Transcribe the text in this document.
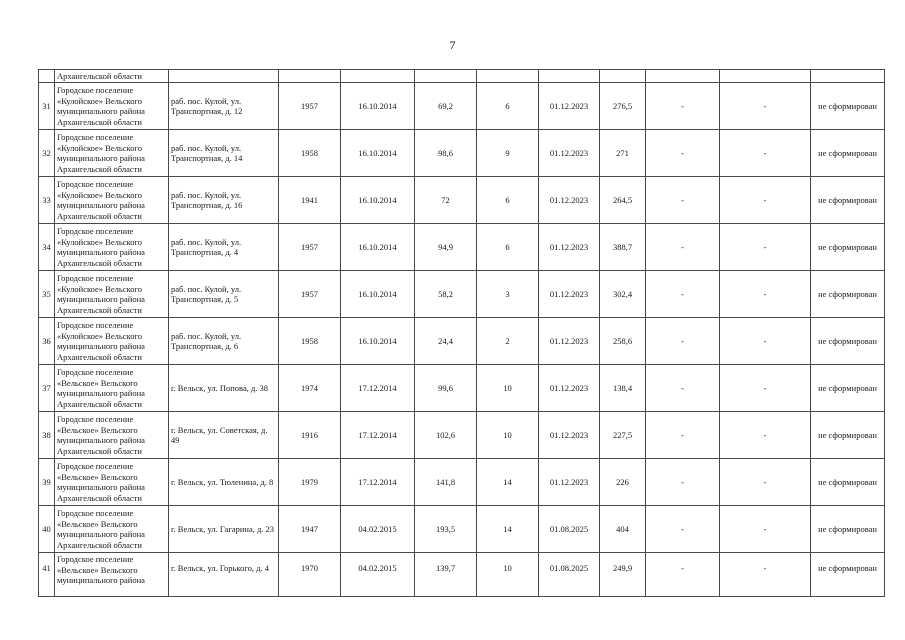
7
	Архангельской области										
31	Городское поселение
«Кулойское» Вельского
муниципального района
Архангельской области	раб. пос. Кулой, ул. Транспортная, д. 12	1957	16.10.2014	69,2	6	01.12.2023	276,5	-	-	не сформирован
32	Городское поселение
«Кулойское» Вельского
муниципального района
Архангельской области	раб. пос. Кулой, ул. Транспортная, д. 14	1958	16.10.2014	98,6	9	01.12.2023	271	-	-	не сформирован
33	Городское поселение
«Кулойское» Вельского
муниципального района
Архангельской области	раб. пос. Кулой, ул. Транспортная, д. 16	1941	16.10.2014	72	6	01.12.2023	264,5	-	-	не сформирован
34	Городское поселение
«Кулойское» Вельского
муниципального района
Архангельской области	раб. пос. Кулой, ул. Транспортная, д. 4	1957	16.10.2014	94,9	6	01.12.2023	388,7	-	-	не сформирован
35	Городское поселение
«Кулойское» Вельского
муниципального района
Архангельской области	раб. пос. Кулой, ул. Транспортная, д. 5	1957	16.10.2014	58,2	3	01.12.2023	302,4	-	-	не сформирован
36	Городское поселение
«Кулойское» Вельского
муниципального района
Архангельской области	раб. пос. Кулой, ул. Транспортная, д. 6	1958	16.10.2014	24,4	2	01.12.2023	258,6	-	-	не сформирован
37	Городское поселение
«Вельское» Вельского
муниципального района
Архангельской области	г. Вельск, ул. Попова, д. 38	1974	17.12.2014	99,6	10	01.12.2023	138,4	-	-	не сформирован
38	Городское поселение
«Вельское» Вельского
муниципального района
Архангельской области	г. Вельск, ул. Советская, д. 49	1916	17.12.2014	102,6	10	01.12.2023	227,5	-	-	не сформирован
39	Городское поселение
«Вельское» Вельского
муниципального района
Архангельской области	г. Вельск, ул. Тюленина, д. 8	1979	17.12.2014	141,8	14	01.12.2023	226	-	-	не сформирован
40	Городское поселение
«Вельское» Вельского
муниципального района
Архангельской области	г. Вельск, ул. Гагарина, д. 23	1947	04.02.2015	193,5	14	01.08.2025	404	-	-	не сформирован
41	Городское поселение
«Вельское» Вельского
муниципального района	г. Вельск, ул. Горького, д. 4	1970	04.02.2015	139,7	10	01.08.2025	249,9	-	-	не сформирован
